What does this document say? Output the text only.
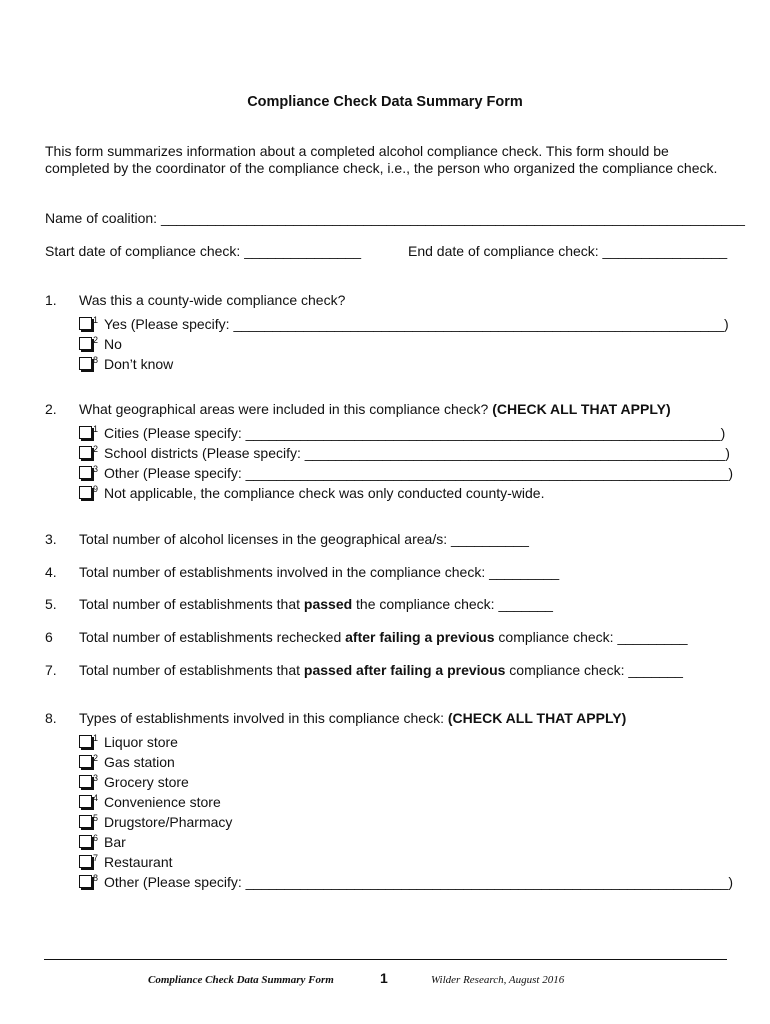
Compliance Check Data Summary Form
This form summarizes information about a completed alcohol compliance check. This form should be completed by the coordinator of the compliance check, i.e., the person who organized the compliance check.
Name of coalition: ___________________________________________________________________________
Start date of compliance check: _______________	End date of compliance check: ________________
1. Was this a county-wide compliance check?
$^1$ Yes (Please specify: _______________________________________________________________)
$^2$ No
$^8$ Don’t know
2. What geographical areas were included in this compliance check? (CHECK ALL THAT APPLY)
$^1$ Cities (Please specify: _____________________________________________________________)
$^2$ School districts (Please specify: ______________________________________________________)
$^3$ Other (Please specify: ______________________________________________________________)
$^9$ Not applicable, the compliance check was only conducted county-wide.
3. Total number of alcohol licenses in the geographical area/s: __________
4. Total number of establishments involved in the compliance check: _________
5. Total number of establishments that passed the compliance check: _______
6 Total number of establishments rechecked after failing a previous compliance check: _________
7. Total number of establishments that passed after failing a previous compliance check: _______
8. Types of establishments involved in this compliance check: (CHECK ALL THAT APPLY)
$^1$ Liquor store
$^2$ Gas station
$^3$ Grocery store
$^4$ Convenience store
$^5$ Drugstore/Pharmacy
$^6$ Bar
$^7$ Restaurant
$^8$ Other (Please specify: ______________________________________________________________)
Compliance Check Data Summary Form	1	Wilder Research, August 2016
